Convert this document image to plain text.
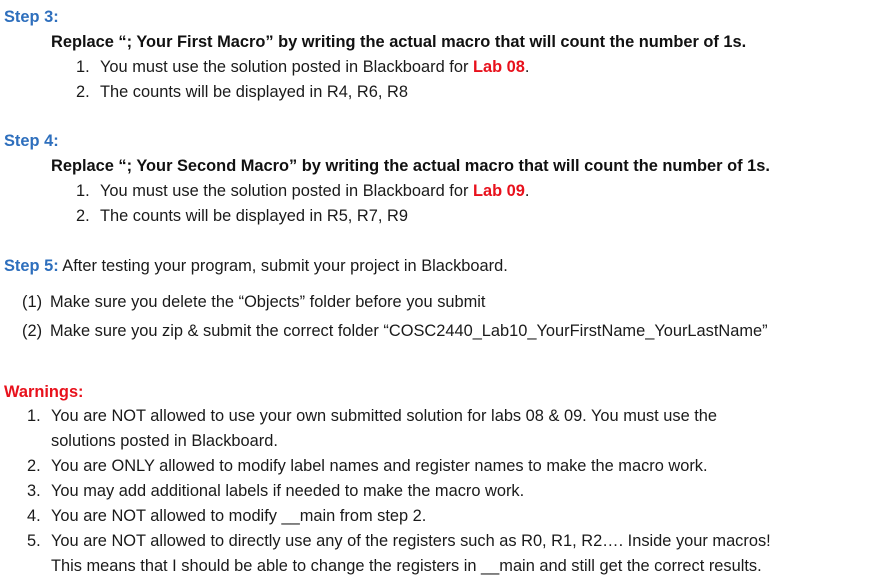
Step 3:
Replace “; Your First Macro” by writing the actual macro that will count the number of 1s.
1. You must use the solution posted in Blackboard for Lab 08.
2. The counts will be displayed in R4, R6, R8
Step 4:
Replace “; Your Second Macro” by writing the actual macro that will count the number of 1s.
1. You must use the solution posted in Blackboard for Lab 09.
2. The counts will be displayed in R5, R7, R9
Step 5: After testing your program, submit your project in Blackboard.
(1) Make sure you delete the “Objects” folder before you submit
(2) Make sure you zip & submit the correct folder “COSC2440_Lab10_YourFirstName_YourLastName”
Warnings:
1. You are NOT allowed to use your own submitted solution for labs 08 & 09. You must use the
solutions posted in Blackboard.
2. You are ONLY allowed to modify label names and register names to make the macro work.
3. You may add additional labels if needed to make the macro work.
4. You are NOT allowed to modify __main from step 2.
5. You are NOT allowed to directly use any of the registers such as R0, R1, R2…. Inside your macros!
This means that I should be able to change the registers in __main and still get the correct results.
